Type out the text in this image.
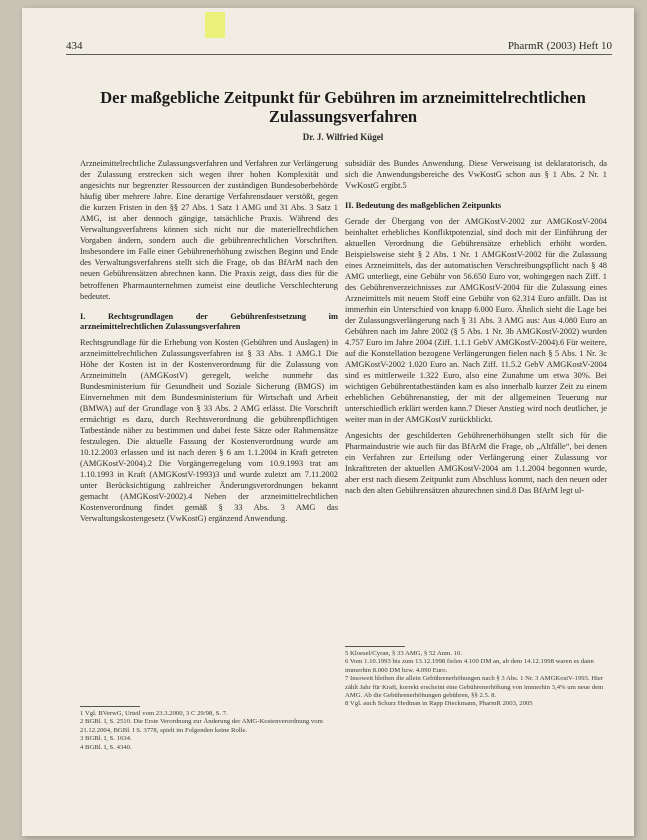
434	PharmR (2003) Heft 10
Der maßgebliche Zeitpunkt für Gebühren im arzneimittelrechtlichen Zulassungsverfahren
Dr. J. Wilfried Kügel

Arzneimittelrechtliche Zulassungsverfahren und Verfahren zur Verlängerung der Zulassung erstrecken sich wegen ihrer hohen Komplexität und angesichts nur begrenzter Ressourcen der zuständigen Bundesoberbehörde häufig über mehrere Jahre. Eine derartige Verfahrensdauer verstößt, gegen die kurzen Fristen in den §§ 27 Abs. 1 Satz 1 AMG und 31 Abs. 3 Satz 1 AMG, ist aber dennoch gängige, tatsächliche Praxis. Während des Verwaltungsverfahrens können sich nicht nur die materiellrechtlichen Vorgaben ändern, sondern auch die gebührenrechtlichen Vorschriften. Insbesondere im Falle einer Gebührenerhöhung zwischen Beginn und Ende des Verwaltungsverfahrens stellt sich die Frage, ob das BfArM nach den neuen Gebührensätzen abrechnen kann. Die Praxis zeigt, dass dies für die betroffenen Pharmaunternehmen zumeist eine deutliche Verschlechterung bedeutet.

I. Rechtsgrundlagen der Gebührenfestsetzung im arzneimittelrechtlichen Zulassungsverfahren

Rechtsgrundlage für die Erhebung von Kosten (Gebühren und Auslagen) in arzneimittelrechtlichen Zulassungsverfahren ist § 33 Abs. 1 AMG.1 Die Höhe der Kosten ist in der Kostenverordnung für die Zulassung von Arzneimitteln (AMGKostV) geregelt, welche nunmehr das Bundesministerium für Gesundheit und Soziale Sicherung (BMGS) im Einvernehmen mit dem Bundesministerium für Wirtschaft und Arbeit (BMWA) auf der Grundlage von § 33 Abs. 2 AMG erlässt. Die Vorschrift ermächtigt es dazu, durch Rechtsverordnung die gebührenpflichtigen Tatbestände näher zu bestimmen und dabei feste Sätze oder Rahmensätze festzulegen. Die aktuelle Fassung der Kostenverordnung wurde am 10.12.2003 erlassen und ist nach deren § 6 am 1.1.2004 in Kraft getreten (AMGKostV-2004).2 Die Vorgängerregelung vom 10.9.1993 trat am 1.10.1993 in Kraft (AMGKostV-1993)3 und wurde zuletzt am 7.11.2002 unter Berücksichtigung zahlreicher Änderungsverordnungen bekannt gemacht (AMGKostV-2002).4 Neben der arzneimittelrechtlichen Kostenverordnung findet gemäß § 33 Abs. 3 AMG das Verwaltungskostengesetz (VwKostG) ergänzend Anwendung.

1 Vgl. BVerwG, Urteil vom 23.3.2000, 3 C 29/98, S. 7.

2 BGBl. I, S. 2510. Die Erste Verordnung zur Änderung der AMG-Kostenverordnung vom 21.12.2004, BGBl. I S. 3778, spielt im Folgenden keine Rolle.

3 BGBl. I, S. 1634.

4 BGBl. I, S. 4340.

subsidiär des Bundes Anwendung. Diese Verweisung ist deklaratorisch, da sich die Anwendungsbereiche des VwKostG schon aus § 1 Abs. 2 Nr. 1 VwKostG ergibt.5

II. Bedeutung des maßgeblichen Zeitpunkts

Gerade der Übergang von der AMGKostV-2002 zur AMGKostV-2004 beinhaltet erhebliches Konfliktpotenzial, sind doch mit der Einführung der aktuellen Verordnung die Gebührensätze erheblich erhöht worden. Beispielsweise sieht § 2 Abs. 1 Nr. 1 AMGKostV-2002 für die Zulassung eines Arzneimittels, das der automatischen Verschreibungspflicht nach § 48 AMG unterliegt, eine Gebühr von 56.650 Euro vor, wohingegen nach Ziff. 1 des Gebührenverzeichnisses zur AMGKostV-2004 für die Zulassung eines Arzneimittels mit neuem Stoff eine Gebühr von 62.314 Euro anfällt. Das ist immerhin ein Unterschied von knapp 6.000 Euro. Ähnlich sieht die Lage bei der Zulassungsverlängerung nach § 31 Abs. 3 AMG aus: Aus 4.080 Euro an Gebühren nach im Jahre 2002 (§ 5 Abs. 1 Nr. 3b AMGKostV-2002) wurden 4.757 Euro im Jahre 2004 (Ziff. 1.1.1 GebV AMGKostV-2004).6 Für weitere, auf die Konstellation bezogene Verlängerungen fielen nach § 5 Abs. 1 Nr. 3c AMGKostV-2002 1.020 Euro an. Nach Ziff. 11.5.2 GebV AMGKostV-2004 sind es mittlerweile 1.322 Euro, also eine Zunahme um etwa 30%. Bei wichtigen Gebührentatbeständen kam es also innerhalb kurzer Zeit zu einem erheblichen Gebührenanstieg, der mit der allgemeinen Teuerung nur unterschiedlich erklärt werden kann.7 Dieser Anstieg wird noch deutlicher, je weiter man in der AMGKostV zurückblickt.

Angesichts der geschilderten Gebührenerhöhungen stellt sich für die Pharmaindustrie wie auch für das BfArM die Frage, ob „Altfälle“, bei denen ein Verfahren zur Erteilung oder Verlängerung einer Zulassung vor Inkrafttreten der aktuellen AMGKostV-2004 am 1.1.2004 begonnen wurde, aber erst nach diesem Zeitpunkt zum Abschluss kommt, nach den neuen oder nach den alten Gebührensätzen abzurechnen sind.8 Das BfArM legt ul-

5 Kloesel/Cyran, § 33 AMG, § 52 Anm. 10.

6 Vom 1.10.1993 bis zum 13.12.1998 fielen 4.100 DM an, ab dem 14.12.1998 waren es dann immerhin 8.000 DM bzw. 4.090 Euro.

7 Insoweit bleiben die allein Gebührenerhöhungen nach § 3 Abs. 1 Nr. 3 AMGKostV-1993. Hier zählt Jahr für Kraft, korrekt erscheint eine Gebührenerhöhung von immerhin 3,4% um neue dem AMG. Ab die Gebührenerhöhungen gebühren, §§ 2.5. 8.

8 Vgl. auch Schurz Hedtnan in Rapp Dieckmann, PharmR 2003, 2005
